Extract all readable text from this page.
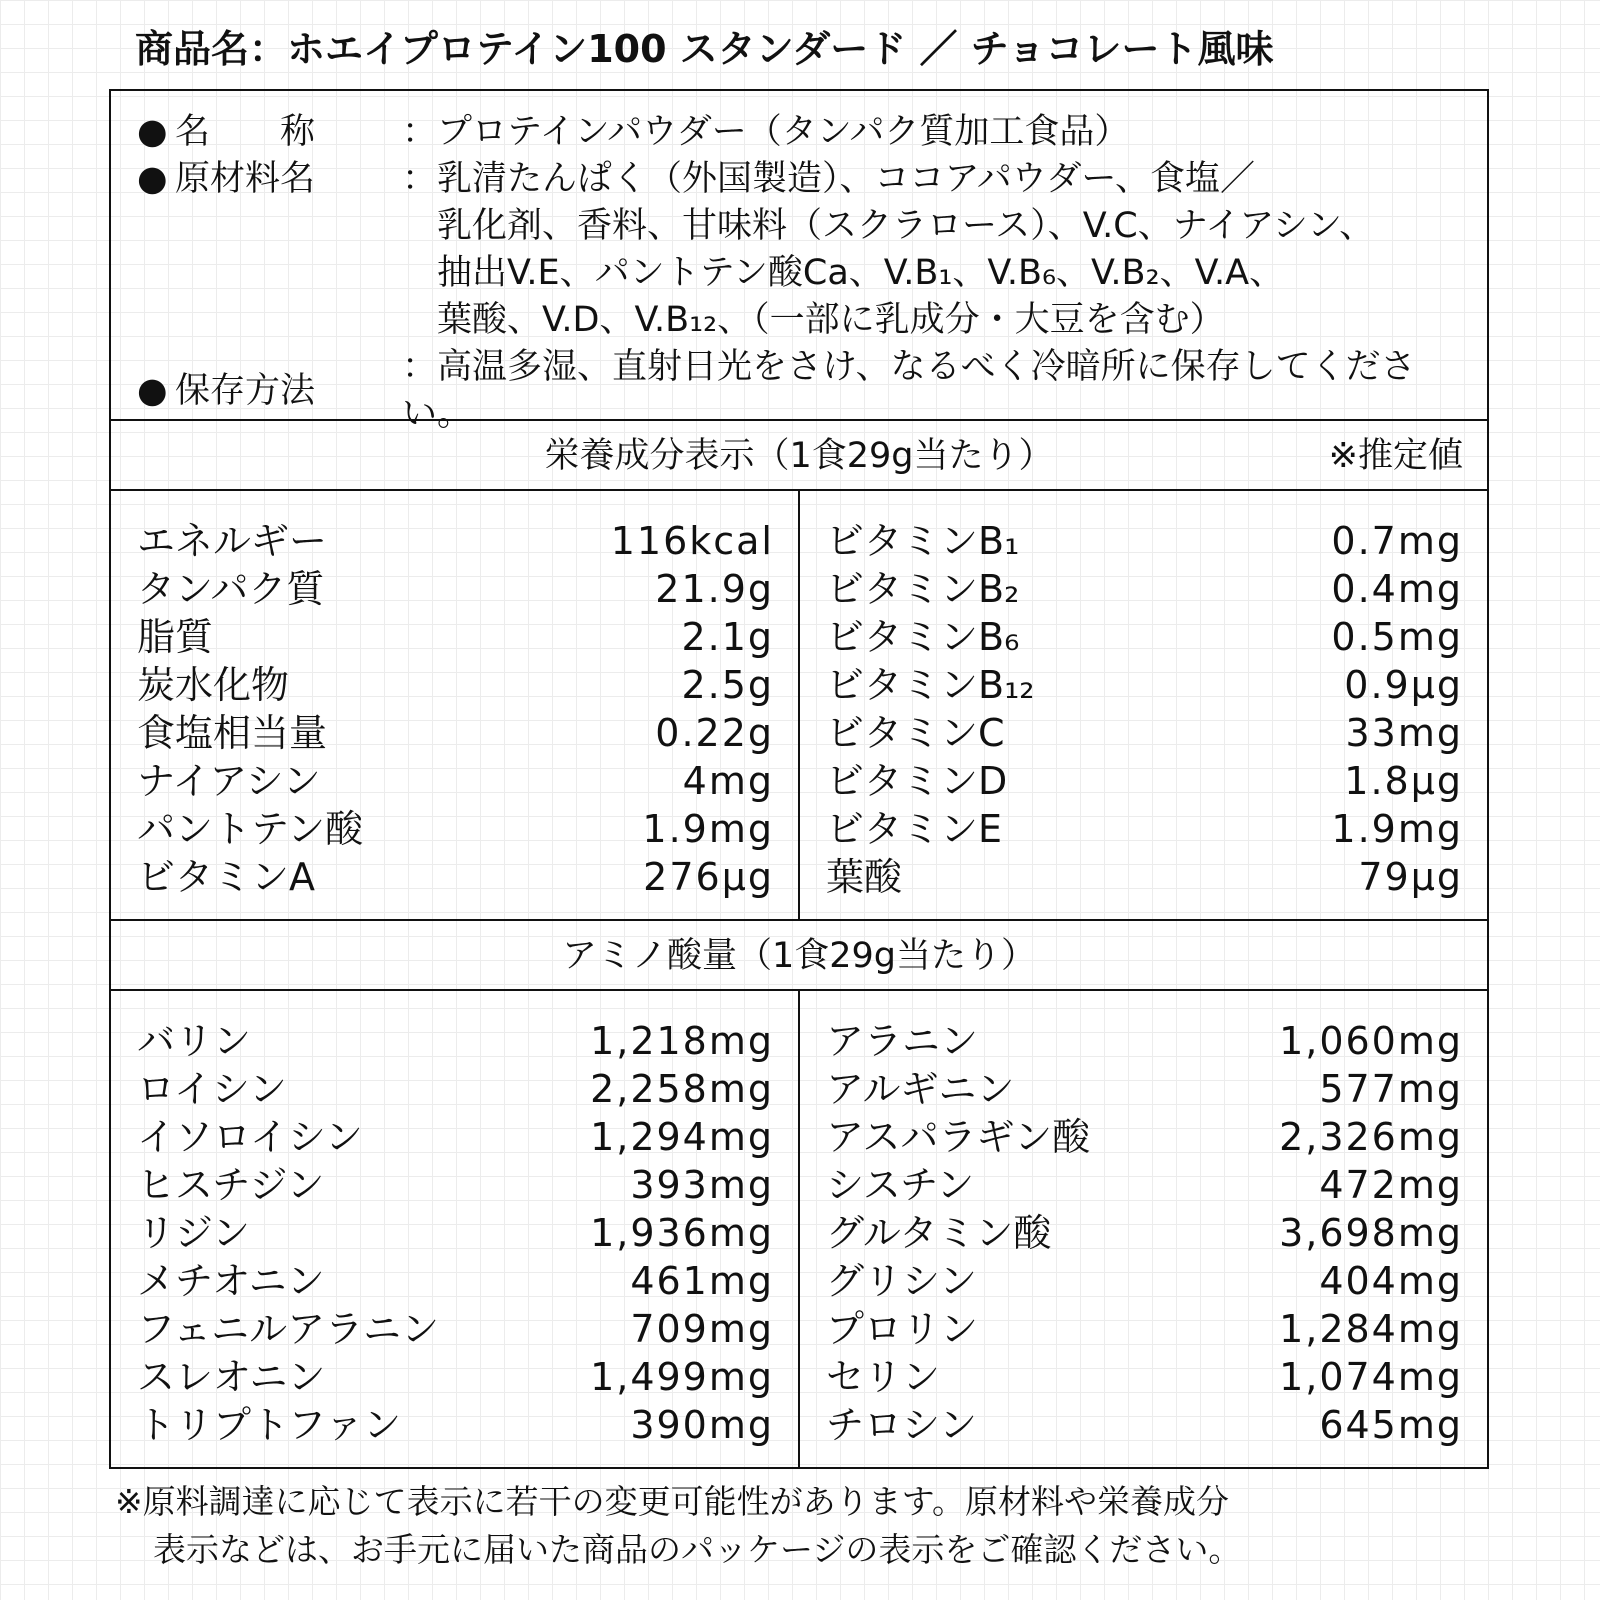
商品名：ホエイプロテイン100 スタンダード ／ チョコレート風味
● 名　　称 ：プロテインパウダー（タンパク質加工食品）
● 原材料名 ：乳清たんぱく（外国製造）、ココアパウダー、食塩／
乳化剤、香料、甘味料（スクラロース）、V.C、ナイアシン、
抽出V.E、パントテン酸Ca、V.B₁、V.B₆、V.B₂、V.A、
葉酸、V.D、V.B₁₂、（一部に乳成分・大豆を含む）
● 保存方法
：高温多湿、直射日光をさけ、なるべく冷暗所に保存してください。
栄養成分表示（1食29g当たり）	※推定値
エネルギー	116kcal
タンパク質	21.9g
脂質	2.1g
炭水化物	2.5g
食塩相当量	0.22g
ナイアシン	4mg
パントテン酸	1.9mg
ビタミンA	276μg
ビタミンB₁	0.7mg
ビタミンB₂	0.4mg
ビタミンB₆	0.5mg
ビタミンB₁₂	0.9μg
ビタミンC	33mg
ビタミンD	1.8μg
ビタミンE	1.9mg
葉酸	79μg
アミノ酸量（1食29g当たり）
バリン	1,218mg
ロイシン	2,258mg
イソロイシン	1,294mg
ヒスチジン	393mg
リジン	1,936mg
メチオニン	461mg
フェニルアラニン	709mg
スレオニン	1,499mg
トリプトファン	390mg
アラニン	1,060mg
アルギニン	577mg
アスパラギン酸	2,326mg
シスチン	472mg
グルタミン酸	3,698mg
グリシン	404mg
プロリン	1,284mg
セリン	1,074mg
チロシン	645mg
※原料調達に応じて表示に若干の変更可能性があります。原材料や栄養成分
表示などは、お手元に届いた商品のパッケージの表示をご確認ください。
